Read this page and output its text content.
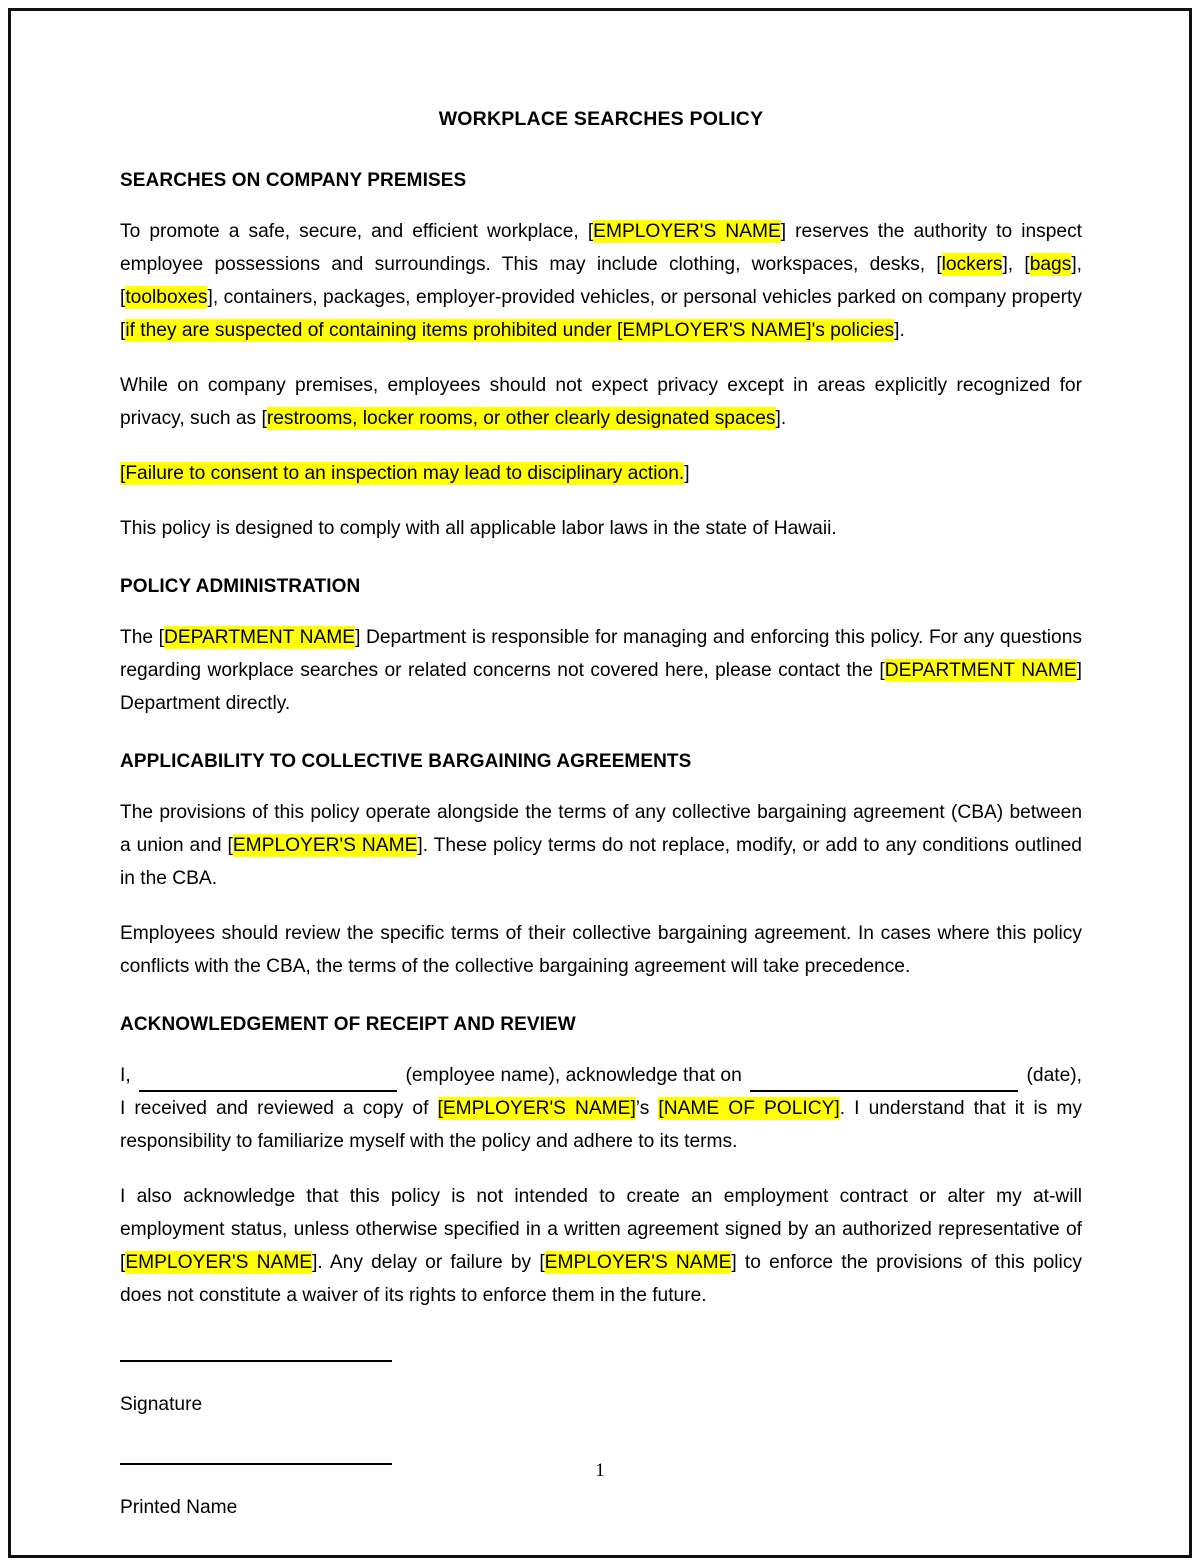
WORKPLACE SEARCHES POLICY
SEARCHES ON COMPANY PREMISES

To promote a safe, secure, and efficient workplace, [EMPLOYER'S NAME] reserves the authority to inspect employee possessions and surroundings. This may include clothing, workspaces, desks, [lockers], [bags], [toolboxes], containers, packages, employer-provided vehicles, or personal vehicles parked on company property [if they are suspected of containing items prohibited under [EMPLOYER'S NAME]'s policies].

While on company premises, employees should not expect privacy except in areas explicitly recognized for privacy, such as [restrooms, locker rooms, or other clearly designated spaces].

[Failure to consent to an inspection may lead to disciplinary action.]

This policy is designed to comply with all applicable labor laws in the state of Hawaii.

POLICY ADMINISTRATION

The [DEPARTMENT NAME] Department is responsible for managing and enforcing this policy. For any questions regarding workplace searches or related concerns not covered here, please contact the [DEPARTMENT NAME] Department directly.

APPLICABILITY TO COLLECTIVE BARGAINING AGREEMENTS

The provisions of this policy operate alongside the terms of any collective bargaining agreement (CBA) between a union and [EMPLOYER'S NAME]. These policy terms do not replace, modify, or add to any conditions outlined in the CBA.

Employees should review the specific terms of their collective bargaining agreement. In cases where this policy conflicts with the CBA, the terms of the collective bargaining agreement will take precedence.

ACKNOWLEDGEMENT OF RECEIPT AND REVIEW

I,	(employee name), acknowledge that on	(date), I received and reviewed a copy of [EMPLOYER'S NAME]’s [NAME OF POLICY]. I understand that it is my responsibility to familiarize myself with the policy and adhere to its terms.

I also acknowledge that this policy is not intended to create an employment contract or alter my at-will employment status, unless otherwise specified in a written agreement signed by an authorized representative of [EMPLOYER'S NAME]. Any delay or failure by [EMPLOYER'S NAME] to enforce the provisions of this policy does not constitute a waiver of its rights to enforce them in the future.

Signature
Printed Name
1
